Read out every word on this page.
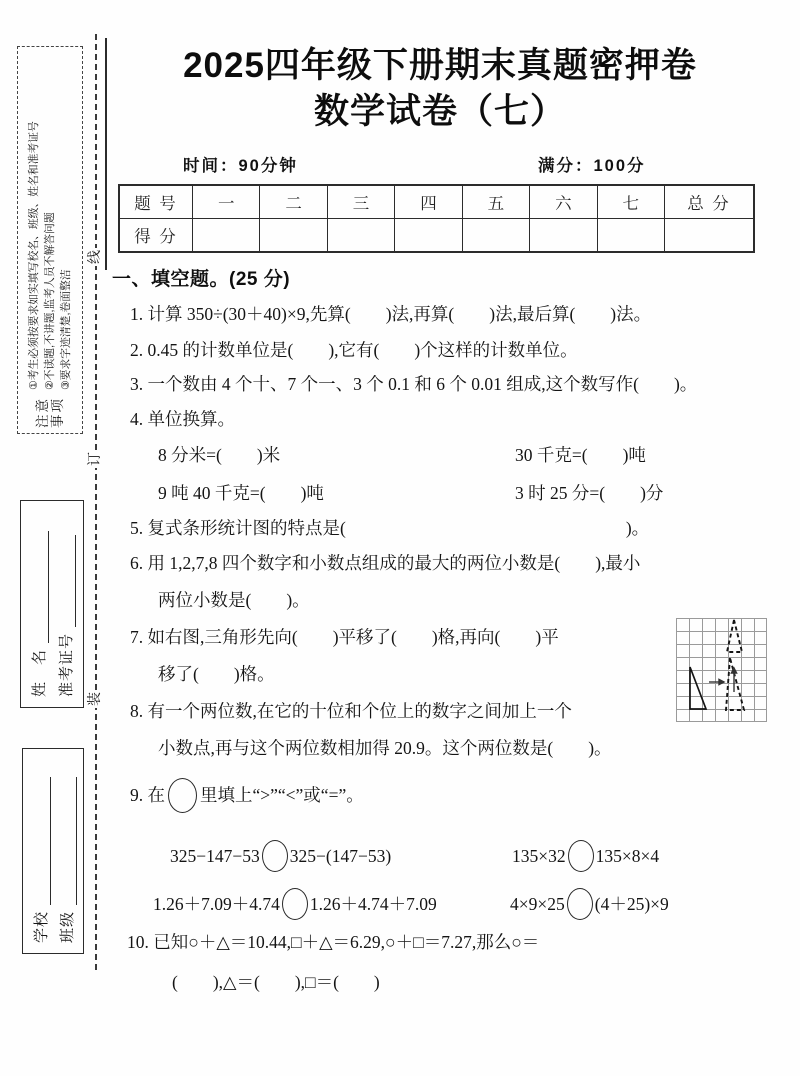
线
订
装
注意 事项
①考生必须按要求如实填写校名、班级、姓名和准考证号 ②不读题,不讲题,监考人员不解答问题 ③要求字迹清楚,卷面整洁
姓　名 准考证号
学校 班级
2025四年级下册期末真题密押卷
数学试卷（七）
时间：90分钟	满分：100分
题 号	一	二	三	四	五	六	七	总 分
得 分								
一、填空题。(25 分)
1. 计算 350÷(30＋40)×9,先算(　　)法,再算(　　)法,最后算(　　)法。
2. 0.45 的计数单位是(　　),它有(　　)个这样的计数单位。
3. 一个数由 4 个十、7 个一、3 个 0.1 和 6 个 0.01 组成,这个数写作(　　)。
4. 单位换算。
8 分米=(　　)米	30 千克=(　　)吨
9 吨 40 千克=(　　)吨	3 时 25 分=(　　)分
5. 复式条形统计图的特点是(　　　　　　　　　　　　　　　　)。
6. 用 1,2,7,8 四个数字和小数点组成的最大的两位小数是(　　),最小
两位小数是(　　)。
7. 如右图,三角形先向(　　)平移了(　　)格,再向(　　)平
移了(　　)格。
8. 有一个两位数,在它的十位和个位上的数字之间加上一个
小数点,再与这个两位数相加得 20.9。这个两位数是(　　)。
9. 在 里填上“>”“<”或“=”。
325−147−53 325−(147−53)	135×32 135×8×4
1.26＋7.09＋4.74 1.26＋4.74＋7.09	4×9×25 (4＋25)×9
10. 已知○＋△＝10.44,□＋△＝6.29,○＋□＝7.27,那么○＝
(　　),△＝(　　),□＝(　　)
